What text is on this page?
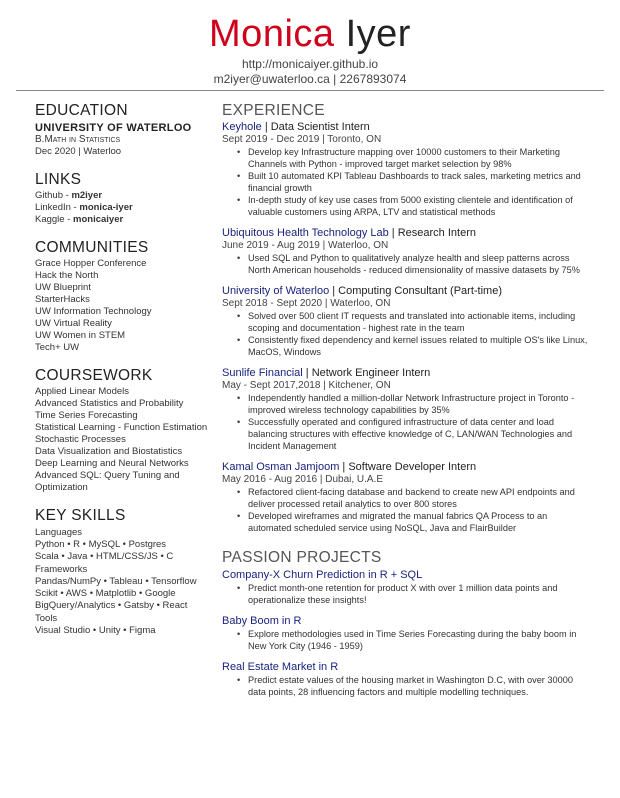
Monica Iyer
http://monicaiyer.github.io
m2iyer@uwaterloo.ca | 2267893074
EDUCATION
UNIVERSITY OF WATERLOO
B.Math in Statistics
Dec 2020 | Waterloo
LINKS
Github - m2iyer
LinkedIn - monica-iyer
Kaggle - monicaiyer
COMMUNITIES
Grace Hopper Conference
Hack the North
UW Blueprint
StarterHacks
UW Information Technology
UW Virtual Reality
UW Women in STEM
Tech+ UW
COURSEWORK
Applied Linear Models
Advanced Statistics and Probability
Time Series Forecasting
Statistical Learning - Function Estimation
Stochastic Processes
Data Visualization and Biostatistics
Deep Learning and Neural Networks
Advanced SQL: Query Tuning and
Optimization
KEY SKILLS
Languages
Python • R • MySQL • Postgres
Scala • Java • HTML/CSS/JS • C
Frameworks
Pandas/NumPy • Tableau • Tensorflow
Scikit • AWS • Matplotlib • Google
BigQuery/Analytics • Gatsby • React
Tools
Visual Studio • Unity • Figma
EXPERIENCE
Keyhole | Data Scientist Intern
Sept 2019 - Dec 2019 | Toronto, ON
• Develop key Infrastructure mapping over 10000 customers to their Marketing Channels with Python - improved target market selection by 98%
• Built 10 automated KPI Tableau Dashboards to track sales, marketing metrics and financial growth
• In-depth study of key use cases from 5000 existing clientele and identification of valuable customers using ARPA, LTV and statistical methods
Ubiquitous Health Technology Lab | Research Intern
June 2019 - Aug 2019 | Waterloo, ON
• Used SQL and Python to qualitatively analyze health and sleep patterns across North American households - reduced dimensionality of massive datasets by 75%
University of Waterloo | Computing Consultant (Part-time)
Sept 2018 - Sept 2020 | Waterloo, ON
• Solved over 500 client IT requests and translated into actionable items, including scoping and documentation - highest rate in the team
• Consistently fixed dependency and kernel issues related to multiple OS's like Linux, MacOS, Windows
Sunlife Financial | Network Engineer Intern
May - Sept 2017,2018 | Kitchener, ON
• Independently handled a million-dollar Network Infrastructure project in Toronto - improved wireless technology capabilities by 35%
• Successfully operated and configured infrastructure of data center and load balancing structures with effective knowledge of C, LAN/WAN Technologies and Incident Management
Kamal Osman Jamjoom | Software Developer Intern
May 2016 - Aug 2016 | Dubai, U.A.E
• Refactored client-facing database and backend to create new API endpoints and deliver processed retail analytics to over 800 stores
• Developed wireframes and migrated the manual fabrics QA Process to an automated scheduled service using NoSQL, Java and FlairBuilder
PASSION PROJECTS
Company-X Churn Prediction in R + SQL
• Predict month-one retention for product X with over 1 million data points and operationalize these insights!
Baby Boom in R
• Explore methodologies used in Time Series Forecasting during the baby boom in New York City (1946 - 1959)
Real Estate Market in R
• Predict estate values of the housing market in Washington D.C, with over 30000 data points, 28 influencing factors and multiple modelling techniques.
